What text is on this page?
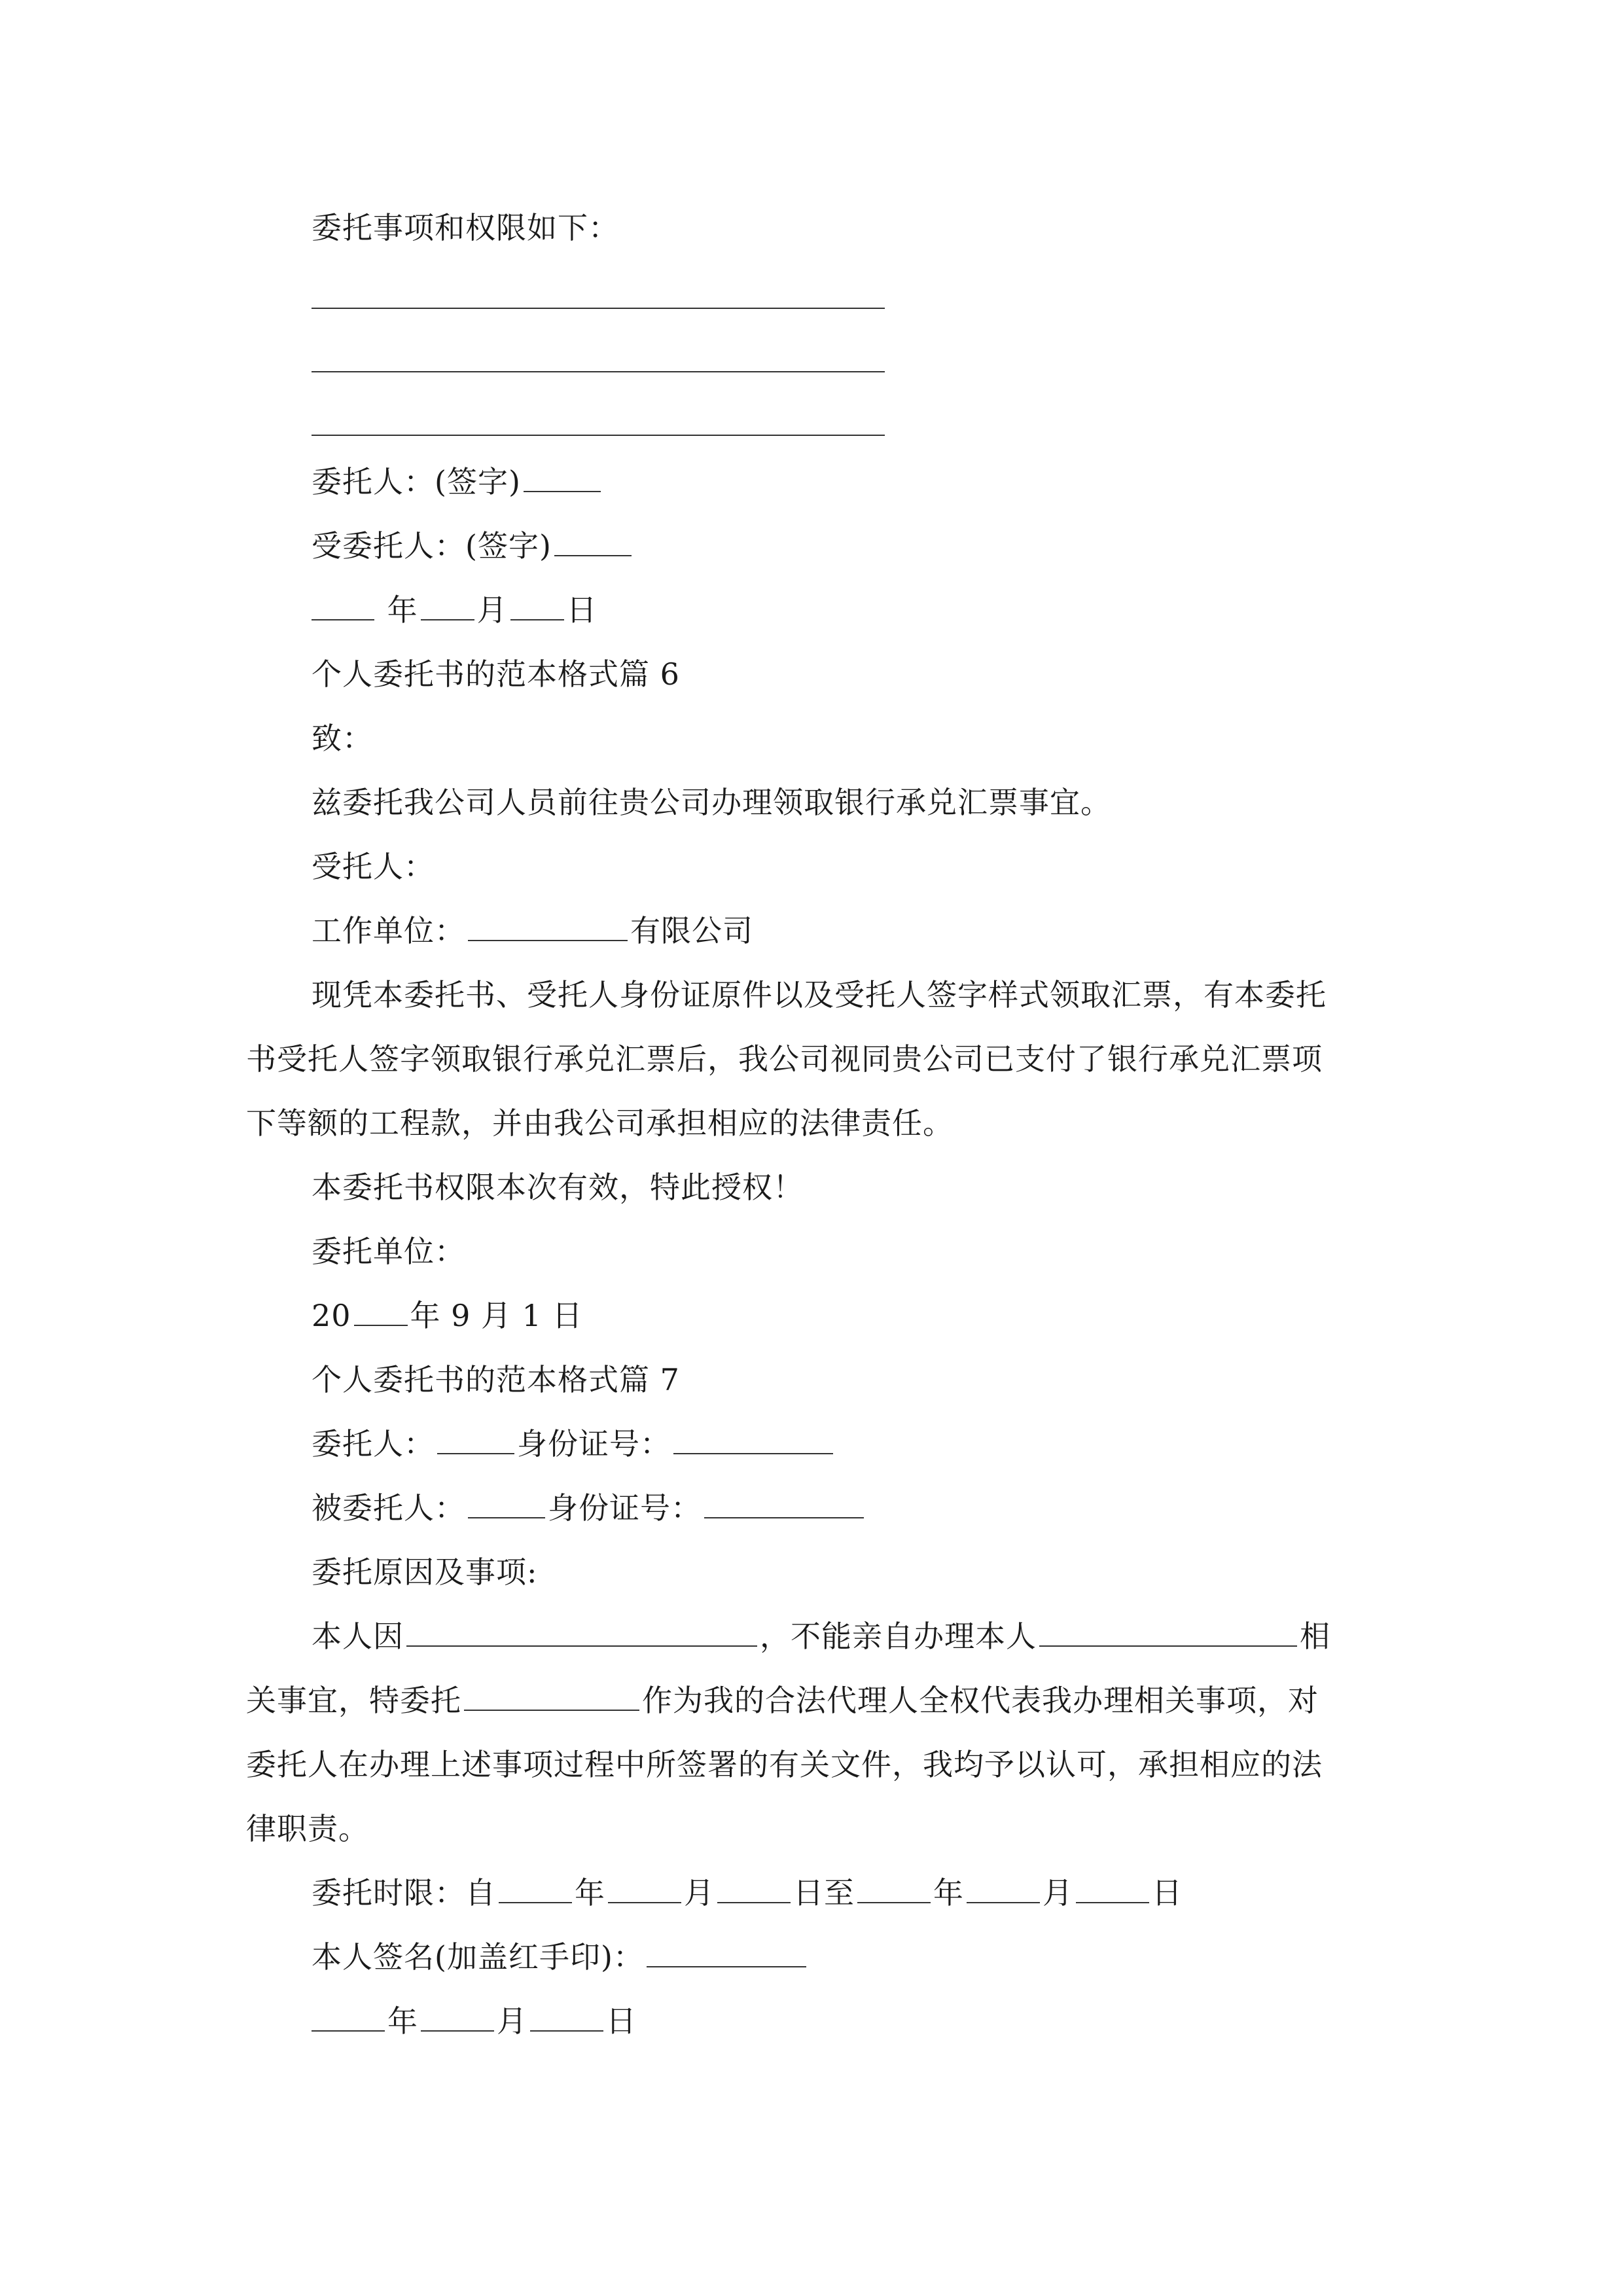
委托事项和权限如下：
委托人：(签字)
受委托人：(签字)
年 月 日
个人委托书的范本格式篇 6
致：
兹委托我公司人员前往贵公司办理领取银行承兑汇票事宜。
受托人：
工作单位：	有限公司
现凭本委托书、受托人身份证原件以及受托人签字样式领取汇票，有本委托
书受托人签字领取银行承兑汇票后，我公司视同贵公司已支付了银行承兑汇票项
下等额的工程款，并由我公司承担相应的法律责任。
本委托书权限本次有效，特此授权！
委托单位：
20 年 9 月 1 日
个人委托书的范本格式篇 7
委托人：	身份证号：
被委托人：	身份证号：
委托原因及事项:
本人因	，不能亲自办理本人	相
关事宜，特委托	作为我的合法代理人全权代表我办理相关事项，对
委托人在办理上述事项过程中所签署的有关文件，我均予以认可，承担相应的法
律职责。
委托时限：自	年	月	日至	年	月	日
本人签名(加盖红手印)：
年	月	日
